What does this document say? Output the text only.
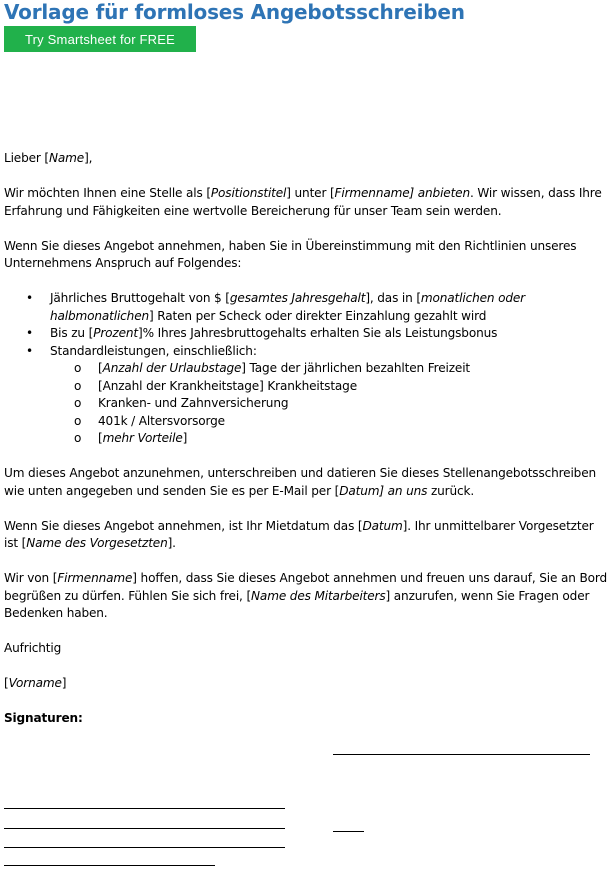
Vorlage für formloses Angebotsschreiben
Try Smartsheet for FREE

Lieber [Name],

Wir möchten Ihnen eine Stelle als [Positionstitel] unter [Firmenname] anbieten. Wir wissen, dass Ihre Erfahrung und Fähigkeiten eine wertvolle Bereicherung für unser Team sein werden.

Wenn Sie dieses Angebot annehmen, haben Sie in Übereinstimmung mit den Richtlinien unseres Unternehmens Anspruch auf Folgendes:

• Jährliches Bruttogehalt von $ [gesamtes Jahresgehalt], das in [monatlichen oder halbmonatlichen] Raten per Scheck oder direkter Einzahlung gezahlt wird
• Bis zu [Prozent]% Ihres Jahresbruttogehalts erhalten Sie als Leistungsbonus
• Standardleistungen, einschließlich:
o [Anzahl der Urlaubstage] Tage der jährlichen bezahlten Freizeit
o [Anzahl der Krankheitstage] Krankheitstage
o Kranken- und Zahnversicherung
o 401k / Altersvorsorge
o [mehr Vorteile]

Um dieses Angebot anzunehmen, unterschreiben und datieren Sie dieses Stellenangebotsschreiben wie unten angegeben und senden Sie es per E-Mail per [Datum] an uns zurück.

Wenn Sie dieses Angebot annehmen, ist Ihr Mietdatum das [Datum]. Ihr unmittelbarer Vorgesetzter ist [Name des Vorgesetzten].

Wir von [Firmenname] hoffen, dass Sie dieses Angebot annehmen und freuen uns darauf, Sie an Bord begrüßen zu dürfen. Fühlen Sie sich frei, [Name des Mitarbeiters] anzurufen, wenn Sie Fragen oder Bedenken haben.

Aufrichtig

[Vorname]

Signaturen:
